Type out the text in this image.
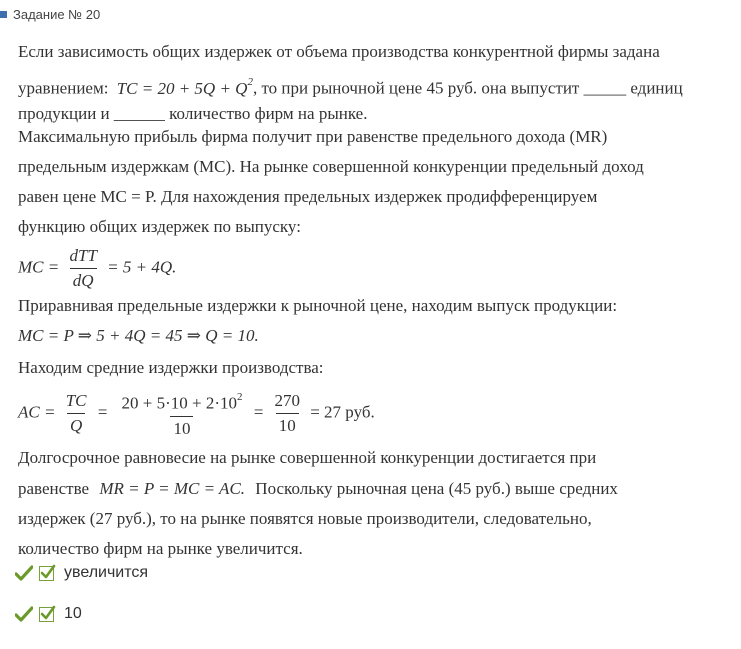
Задание № 20
Если зависимость общих издержек от объема производства конкурентной фирмы задана
уравнением: TC = $20 + 5Q + Q^2$, то при рыночной цене 45 руб. она выпустит _____ единиц
продукции и ______ количество фирм на рынке.
Максимальную прибыль фирма получит при равенстве предельного дохода (MR)
предельным издержкам (MC). На рынке совершенной конкуренции предельный доход
равен цене MC = P. Для нахождения предельных издержек продифференцируем
функцию общих издержек по выпуску:
MC = $\frac{\text{dTT}}{dQ} = 5 + 4Q$.
Приравнивая предельные издержки к рыночной цене, находим выпуск продукции:
MC = P ⇒ 5 + 4Q = 45 ⇒ Q = 10.
Находим средние издержки производства:
AC = $\frac{TC}{Q} = \frac{20 + 5\cdot 10 + 2\cdot 10^2}{10} = \frac{270}{10} = 27$ руб.
Долгосрочное равновесие на рынке совершенной конкуренции достигается при
равенстве MR = P = MC = AC. Поскольку рыночная цена (45 руб.) выше средних
издержек (27 руб.), то на рынке появятся новые производители, следовательно,
количество фирм на рынке увеличится.
увеличится
10
